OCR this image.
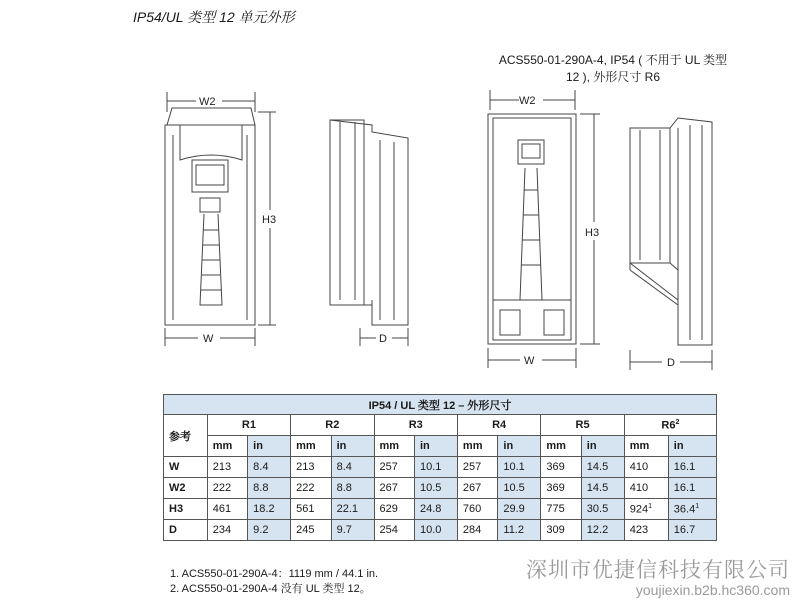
IP54/UL 类型 12 单元外形
ACS550-01-290A-4, IP54 ( 不用于 UL 类型 12 ), 外形尺寸 R6
W2
H3
W	D
W2
H3
W	D
IP54 / UL 类型 12 – 外形尺寸												
参考	R1		R2		R3		R4		R5		$R6^2$
	mm	in	mm	in	mm	in	mm	in	mm	in	mm	in
W	213	8.4	213	8.4	257	10.1	257	10.1	369	14.5	410	16.1
W2	222	8.8	222	8.8	267	10.5	267	10.5	369	14.5	410	16.1
H3	461	18.2	561	22.1	629	24.8	760	29.9	775	30.5	$924^1$	36.4$^1$
D	234	9.2	245	9.7	254	10.0	284	11.2	309	12.2	423	16.7
1. ACS550-01-290A-4：1119 mm / 44.1 in.
2. ACS550-01-290A-4 没有 UL 类型 12。
深圳市优捷信科技有限公司
youjiexin.b2b.hc360.com
